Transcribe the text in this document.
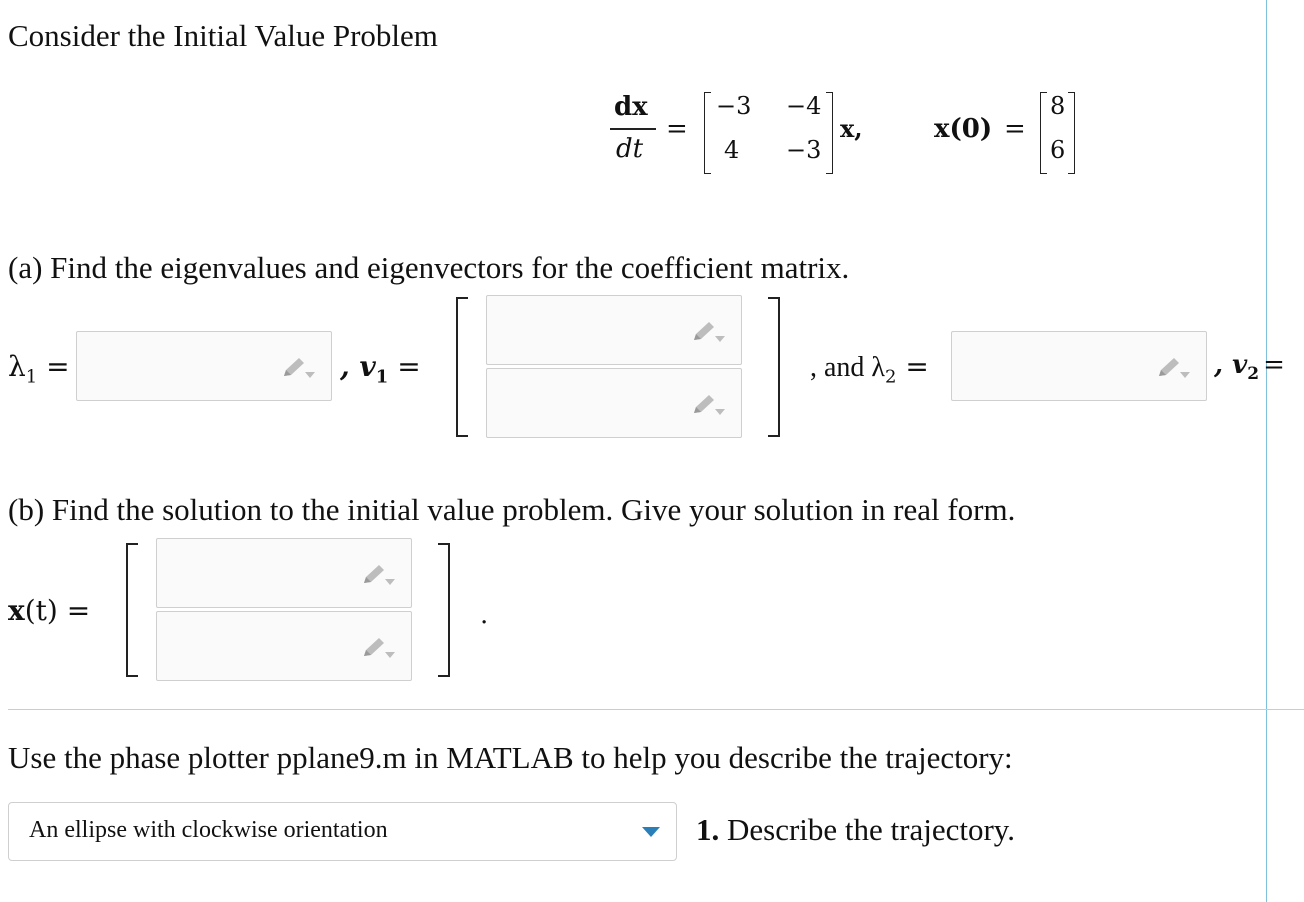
Consider the Initial Value Problem
dx
dt
=
−3 −4
4 −3
x,	x(0) =
8
6
(a) Find the eigenvalues and eigenvectors for the coefficient matrix.
$\lambda_1$ =	, $v_1$ =	, and $\lambda_2$ =	, $v_2$ =
(b) Find the solution to the initial value problem. Give your solution in real form.
x(t) =	.
Use the phase plotter pplane9.m in MATLAB to help you describe the trajectory:
An ellipse with clockwise orientation	1. Describe the trajectory.
